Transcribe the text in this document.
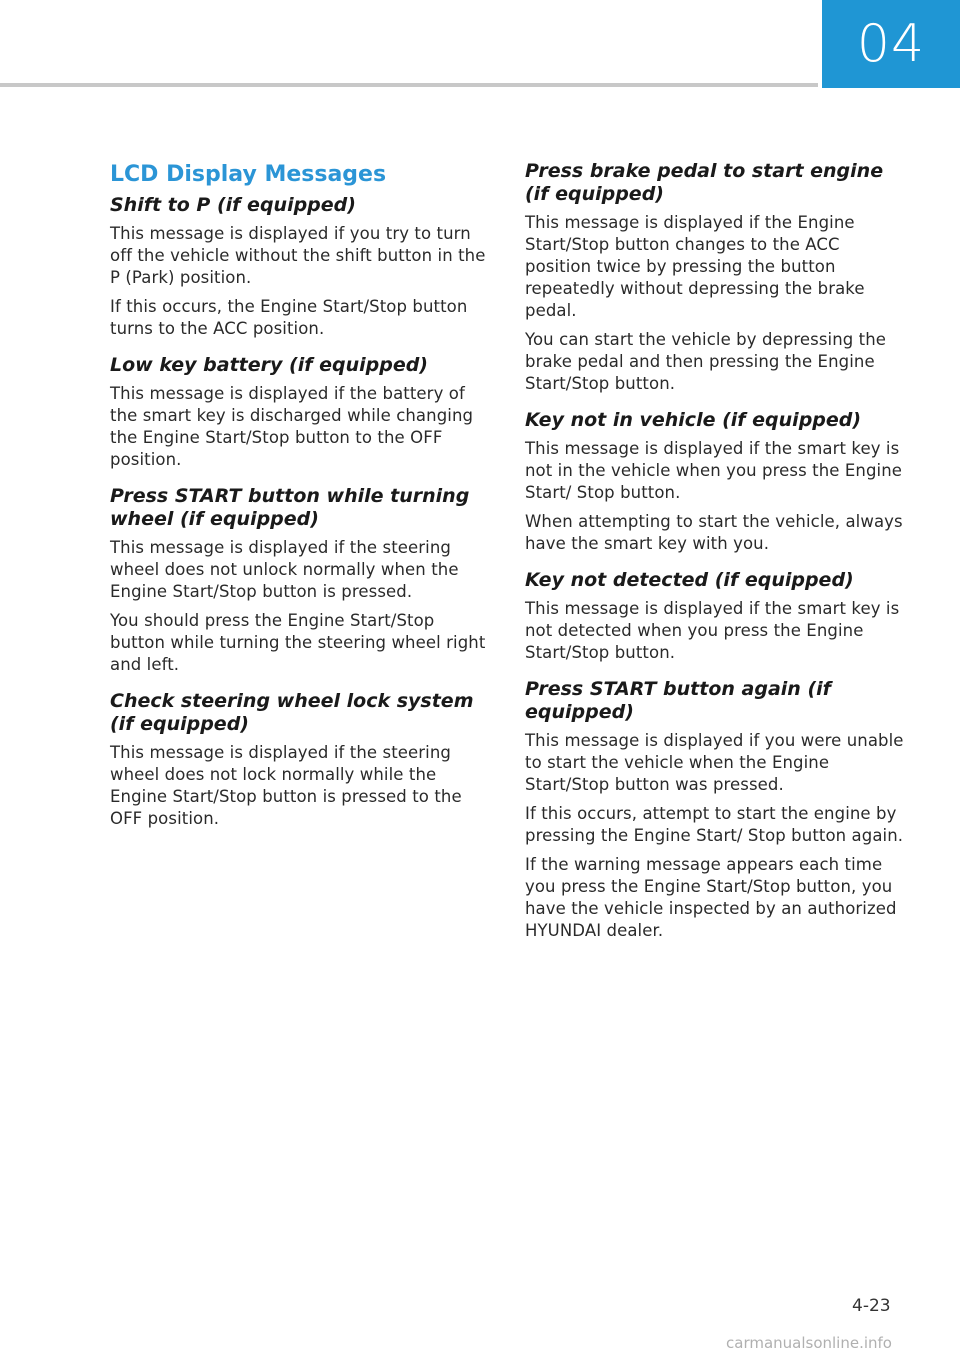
04
LCD Display Messages
Shift to P (if equipped)

This message is displayed if you try to turn off the vehicle without the shift button in the P (Park) position.

If this occurs, the Engine Start/Stop button turns to the ACC position.

Low key battery (if equipped)

This message is displayed if the battery of the smart key is discharged while changing the Engine Start/Stop button to the OFF position.

Press START button while turning wheel (if equipped)

This message is displayed if the steering wheel does not unlock normally when the Engine Start/Stop button is pressed.

You should press the Engine Start/Stop button while turning the steering wheel right and left.

Check steering wheel lock system (if equipped)

This message is displayed if the steering wheel does not lock normally while the Engine Start/Stop button is pressed to the OFF position.

Press brake pedal to start engine (if equipped)

This message is displayed if the Engine Start/Stop button changes to the ACC position twice by pressing the button repeatedly without depressing the brake pedal.

You can start the vehicle by depressing the brake pedal and then pressing the Engine Start/Stop button.

Key not in vehicle (if equipped)

This message is displayed if the smart key is not in the vehicle when you press the Engine Start/ Stop button.

When attempting to start the vehicle, always have the smart key with you.

Key not detected (if equipped)

This message is displayed if the smart key is not detected when you press the Engine Start/Stop button.

Press START button again (if equipped)

This message is displayed if you were unable to start the vehicle when the Engine Start/Stop button was pressed.

If this occurs, attempt to start the engine by pressing the Engine Start/ Stop button again.

If the warning message appears each time you press the Engine Start/Stop button, you have the vehicle inspected by an authorized HYUNDAI dealer.

4-23
carmanualsonline.info
